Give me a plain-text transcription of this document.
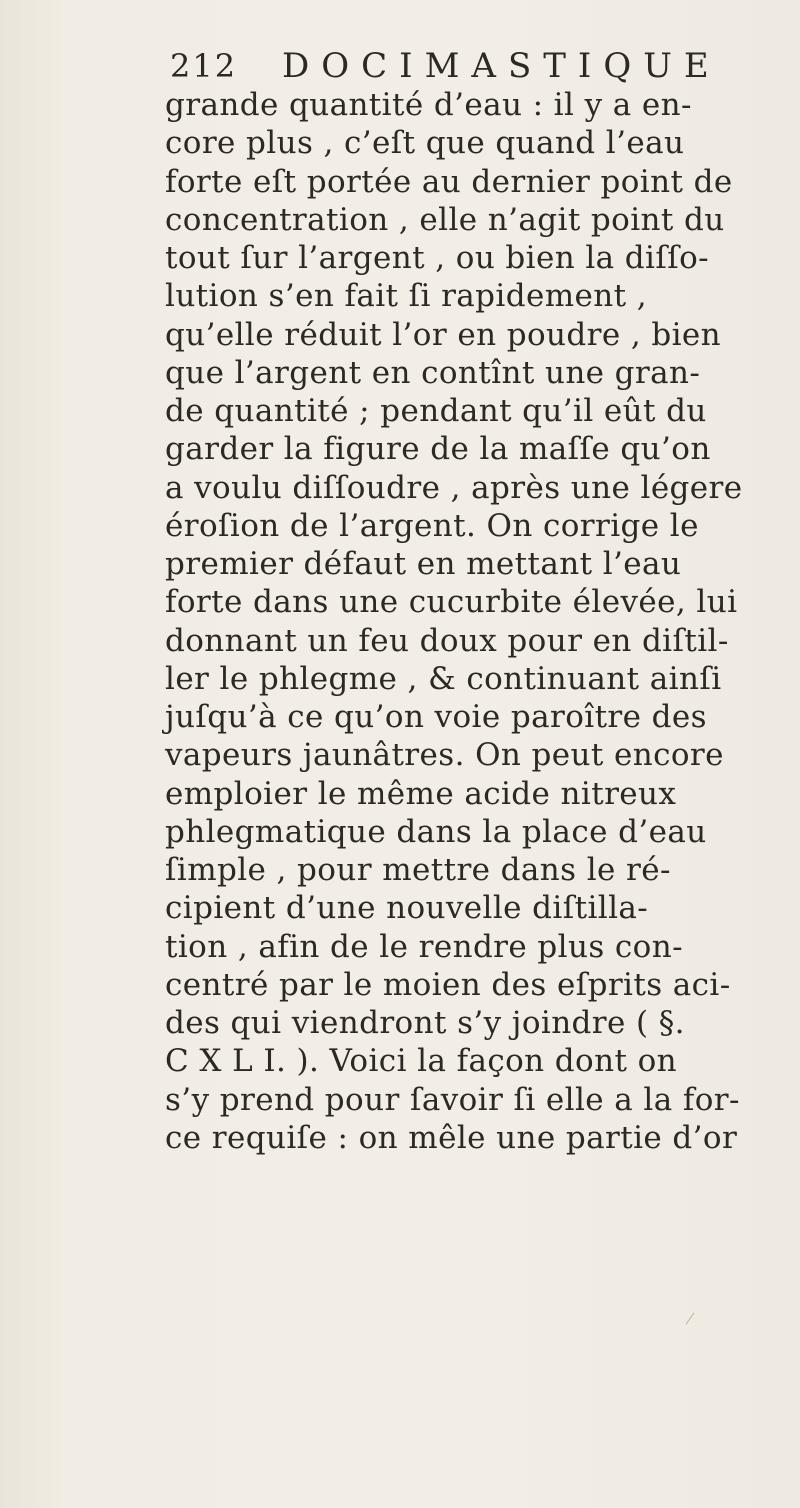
212 DOCIMASTIQUE
grande quantité d’eau : il y a en-
core plus , c’eſt que quand l’eau
forte eſt portée au dernier point de
concentration , elle n’agit point du
tout ſur l’argent , ou bien la diſſo-
lution s’en fait ſi rapidement ,
qu’elle réduit l’or en poudre , bien
que l’argent en contînt une gran-
de quantité ; pendant qu’il eût du
garder la figure de la maſſe qu’on
a voulu diſſoudre , après une légere
éroſion de l’argent. On corrige le
premier défaut en mettant l’eau
forte dans une cucurbite élevée, lui
donnant un feu doux pour en diſtil-
ler le phlegme , & continuant ainſi
juſqu’à ce qu’on voie paroître des
vapeurs jaunâtres. On peut encore
emploier le même acide nitreux
phlegmatique dans la place d’eau
ſimple , pour mettre dans le ré-
cipient d’une nouvelle diſtilla-
tion , afin de le rendre plus con-
centré par le moien des eſprits aci-
des qui viendront s’y joindre ( §.
C X L I. ). Voici la façon dont on
s’y prend pour ſavoir ſi elle a la for-
ce requiſe : on mêle une partie d’or
